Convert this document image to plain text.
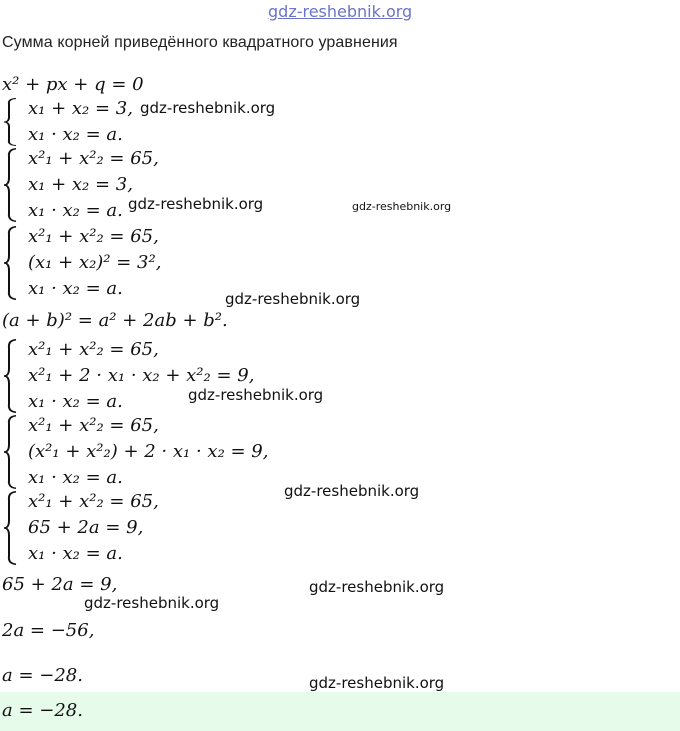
gdz-reshebnik.org
Сумма корней приведённого квадратного уравнения
x² + px + q = 0
x₁ + x₂ = 3,
x₁ · x₂ = a.
x²₁ + x²₂ = 65,
x₁ + x₂ = 3,
x₁ · x₂ = a.
x²₁ + x²₂ = 65,
(x₁ + x₂)² = 3²,
x₁ · x₂ = a.
(a + b)² = a² + 2ab + b².
x²₁ + x²₂ = 65,
x²₁ + 2 · x₁ · x₂ + x²₂ = 9,
x₁ · x₂ = a.
x²₁ + x²₂ = 65,
(x²₁ + x²₂) + 2 · x₁ · x₂ = 9,
x₁ · x₂ = a.
x²₁ + x²₂ = 65,
65 + 2a = 9,
x₁ · x₂ = a.
65 + 2a = 9,
2a = −56,
a = −28.
a = −28.
gdz-reshebnik.org
gdz-reshebnik.org	gdz-reshebnik.org
gdz-reshebnik.org
gdz-reshebnik.org
gdz-reshebnik.org
gdz-reshebnik.org
gdz-reshebnik.org
gdz-reshebnik.org
